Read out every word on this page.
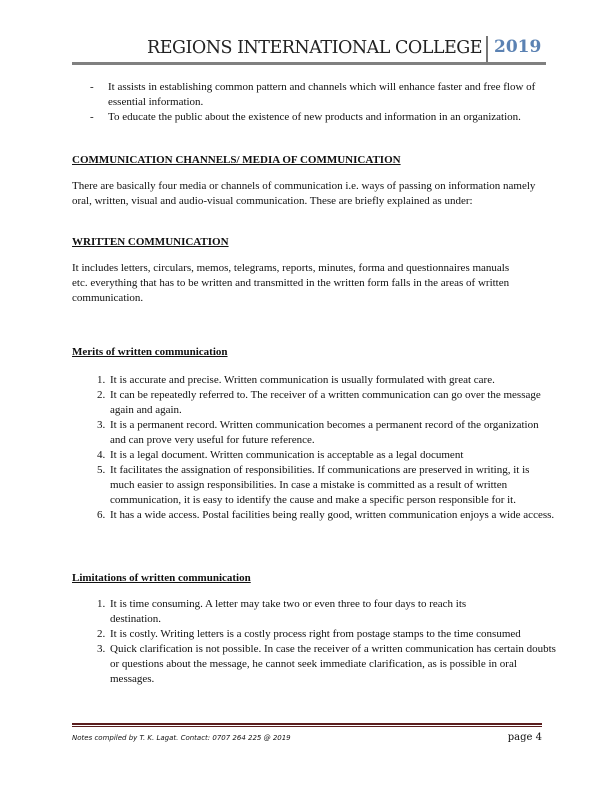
REGIONS INTERNATIONAL COLLEGE 2019
- It assists in establishing common pattern and channels which will enhance faster and free flow of essential information.
- To educate the public about the existence of new products and information in an organization.
COMMUNICATION CHANNELS/ MEDIA OF COMMUNICATION
There are basically four media or channels of communication i.e. ways of passing on information namely oral, written, visual and audio-visual communication. These are briefly explained as under:
WRITTEN COMMUNICATION
It includes letters, circulars, memos, telegrams, reports, minutes, forma and questionnaires manuals etc. everything that has to be written and transmitted in the written form falls in the areas of written communication.
Merits of written communication
1. It is accurate and precise. Written communication is usually formulated with great care.
2. It can be repeatedly referred to. The receiver of a written communication can go over the message again and again.
3. It is a permanent record. Written communication becomes a permanent record of the organization and can prove very useful for future reference.
4. It is a legal document. Written communication is acceptable as a legal document
5. It facilitates the assignation of responsibilities. If communications are preserved in writing, it is much easier to assign responsibilities. In case a mistake is committed as a result of written communication, it is easy to identify the cause and make a specific person responsible for it.
6. It has a wide access. Postal facilities being really good, written communication enjoys a wide access.
Limitations of written communication
1. It is time consuming. A letter may take two or even three to four days to reach its destination.
2. It is costly. Writing letters is a costly process right from postage stamps to the time consumed
3. Quick clarification is not possible. In case the receiver of a written communication has certain doubts or questions about the message, he cannot seek immediate clarification, as is possible in oral messages.
Notes compiled by T. K. Lagat. Contact: 0707 264 225 @ 2019	page 4
